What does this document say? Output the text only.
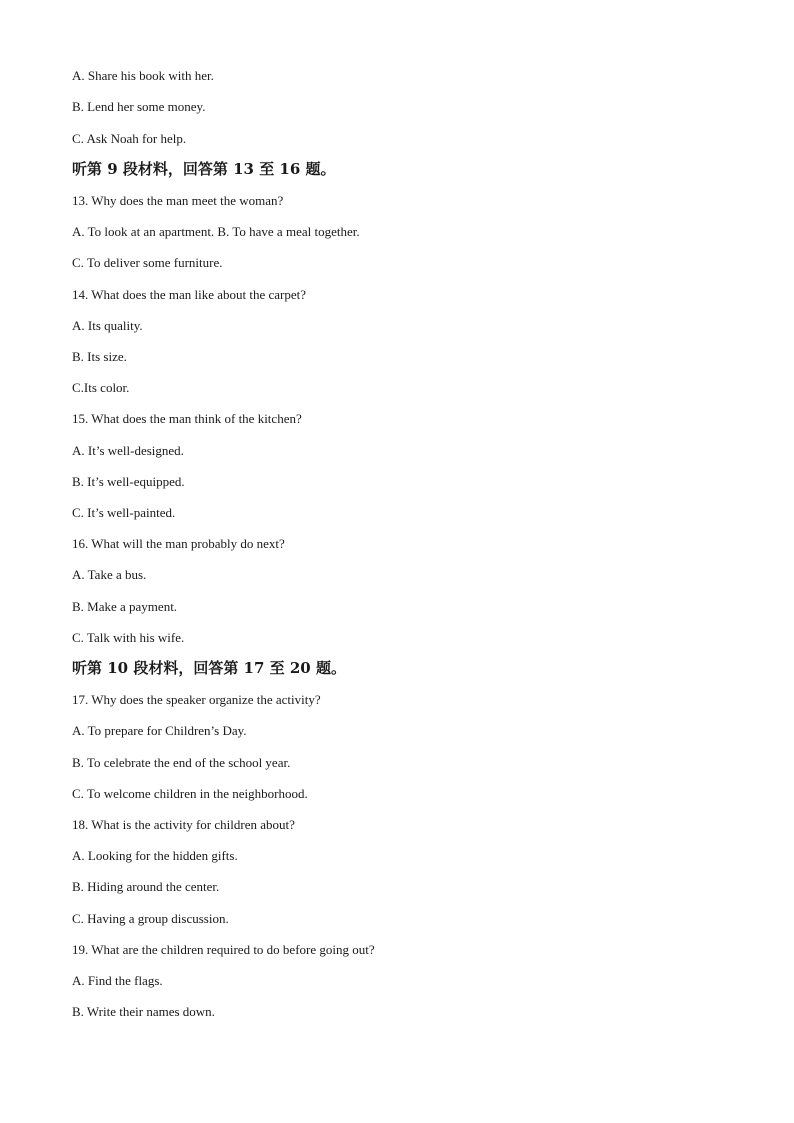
A. Share his book with her.
B. Lend her some money.
C. Ask Noah for help.
听第 9 段材料，回答第 13 至 16 题。
13. Why does the man meet the woman?
A. To look at an apartment. B. To have a meal together.
C. To deliver some furniture.
14. What does the man like about the carpet?
A. Its quality.
B. Its size.
C.Its color.
15. What does the man think of the kitchen?
A. It’s well-designed.
B. It’s well-equipped.
C. It’s well-painted.
16. What will the man probably do next?
A. Take a bus.
B. Make a payment.
C. Talk with his wife.
听第 10 段材料，回答第 17 至 20 题。
17. Why does the speaker organize the activity?
A. To prepare for Children’s Day.
B. To celebrate the end of the school year.
C. To welcome children in the neighborhood.
18. What is the activity for children about?
A. Looking for the hidden gifts.
B. Hiding around the center.
C. Having a group discussion.
19. What are the children required to do before going out?
A. Find the flags.
B. Write their names down.
